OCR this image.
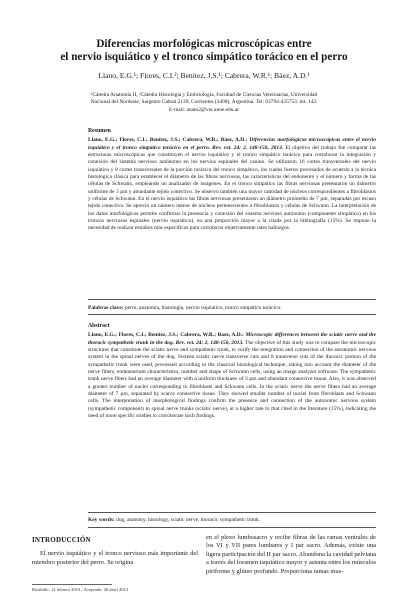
Diferencias morfológicas microscópicas entre
el nervio isquiático y el tronco simpático torácico en el perro
Llano, E.G.¹; Flores, C.I.²; Benítez, J.S.¹; Cabrera, W.R.¹; Báez, A.D.¹
¹Cátedra Anatomía II, ²Cátedra Histología y Embriología, Facultad de Ciencias Veterinarias, Universidad
Nacional del Nordeste, Sargento Cabral 2139, Corrientes (3400), Argentina. Tel: 03794-425753. int. 142.
E-mail: anato2@vet.unne.edu.ar
Resumen
Llano, E.G.; Flores, C.I.; Benítez, J.S.; Cabrera, W.R.; Báez, A.D.: Diferencias morfológicas microscópicas entre el nervio isquiático y el tronco simpático torácico en el perro. Rev. vet. 24: 2, 148-150, 2013. El objetivo del trabajo fue comparar las estructuras microscópicas que constituyen el nervio isquiático y el tronco simpático torácico para corroborar la integración y conexión del sistema nervioso autónomo en los nervios espinales del canino. Se utilizaron 16 cortes transversales del nervio isquiático y 8 cortes transversales de la porción torácica del tronco simpático, los cuales fueron procesados de acuerdo a la técnica histológica clásica para establecer el diámetro de las fibras nerviosas, las características del endoneuro y el número y forma de las células de Schwann, empleando un analizador de imágenes. En el tronco simpático las fibras nerviosas presentaron un diámetro uniforme de 3 µm y abundante tejido conectivo. Se observó también una mayor cantidad de núcleos correspondientes a fibroblastos y células de Schwann. En el nervio isquiático las fibras nerviosas presentaron un diámetro promedio de 7 µm, separadas por escaso tejido conectivo. Se apreció un número menor de núcleos pertenecientes a fibroblastos y células de Schwann. La interpretación de los datos morfológicos permite confirmar la presencia y conexión del sistema nervioso autónomo (componente simpático) en los troncos nerviosos espinales (nervio isquiático), en una proporción mayor a la citada por la bibliografía (15%). Se impone la necesidad de realizar estudios más específicos para corroborar objetivamente tales hallazgos.
Palabras clave: perro, anatomía, histología, nervio isquiático, tronco simpático torácico.
Abstract
Llano, E.G.; Flores, C.I.; Benítez, J.S.; Cabrera, W.R.; Baez, A.D.: Microscopic differences between the sciatic nerve and the thoracic sympathetic trunk in the dog. Rev. vet. 24: 2, 148-150, 2013. The objective of this study was to compare the microscopic structures that constitute the sciatic nerve and sympathetic trunk, to verify the integration and connection of the autonomic nervous system in the spinal nerves of the dog. Sixteen sciatic nerve transverse cuts and 8 transverse cuts of the thoracic portion of the sympathetic trunk were used, processed according to the classical histological technique, taking into account the diameter of the nerve fibers, endoneurium characteristics, number and shape of Schwann cells, using an image analyzer software. The sympathetic trunk nerve fibers had an average diameter with a uniform thickness of 3 µm and abundant connective tissue. Also, it was observed a greater number of nuclei corresponding to fibroblasts and Schwann cells. In the sciatic nerve the nerve fibers had an average diameter of 7 µm, separated by scarce connective tissue. They showed smaller number of nuclei from fibroblasts and Schwann cells. The interpretation of morphological findings confirm the presence and connection of the autonomic nervous system (sympathetic component) in spinal nerve trunks (sciatic nerve), at a higher rate to that cited in the literature (15%), indicating the need of more specific studies to corroborate such findings.
Key words: dog, anatomy, histology, sciatic nerve, thoracic sympathetic trunk.
INTRODUCCIÓN

El nervio isquiático y el tronco nervioso más importante del miembro posterior del perro. Se origina

en el plexo lumbosacro y recibe fibras de las ramas ventrales de los VI y VII pares lumbares y I par sacro. Además, existe una ligera participación del II par sacro. Abandona la cavidad pelviana a través del foramen isquiático mayor y asienta entre los músculos piriforme y glúteo profundo. Proporciona ramas mus-

Recibido: 12 febrero 2013 / Aceptado: 26 abril 2013
